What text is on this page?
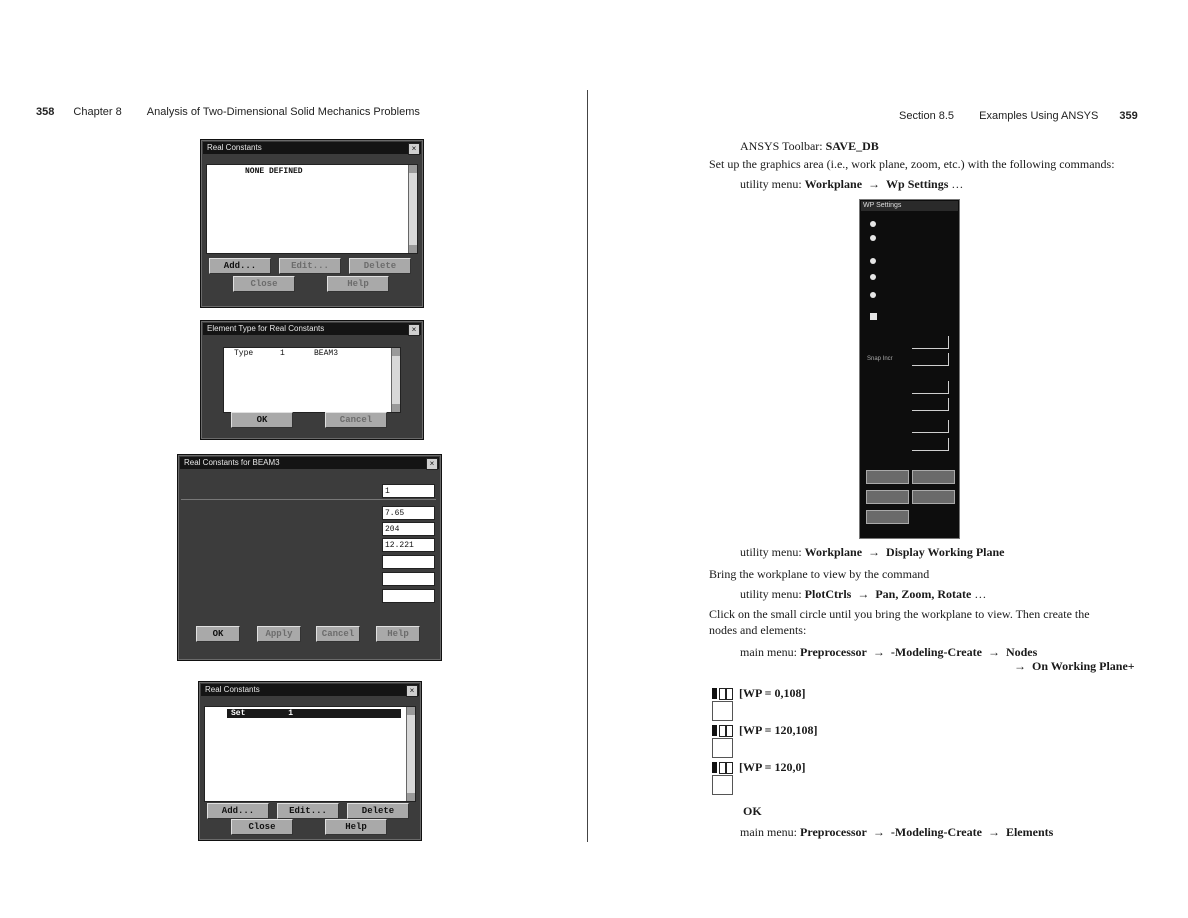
358 Chapter 8 Analysis of Two-Dimensional Solid Mechanics Problems	Section 8.5 Examples Using ANSYS 359
Real Constants	×
NONE DEFINED
Add...	Edit...	Delete
Close	Help
Element Type for Real Constants	×
Type	1	BEAM3
OK	Cancel
Real Constants for BEAM3	×
1
7.65
204
12.221
OK	Apply	Cancel	Help
Real Constants	×
Set	1
Add...	Edit...	Delete
Close	Help
ANSYS Toolbar: SAVE_DB
Set up the graphics area (i.e., work plane, zoom, etc.) with the following commands:
utility menu: Workplane → Wp Settings …
WP Settings
Snap Incr
utility menu: Workplane → Display Working Plane
Bring the workplane to view by the command
utility menu: PlotCtrls → Pan, Zoom, Rotate …
Click on the small circle until you bring the workplane to view. Then create the
nodes and elements:
main menu: Preprocessor → -Modeling-Create → Nodes
→ On Working Plane+
[WP = 0,108]
[WP = 120,108]
[WP = 120,0]
OK
main menu: Preprocessor → -Modeling-Create → Elements
